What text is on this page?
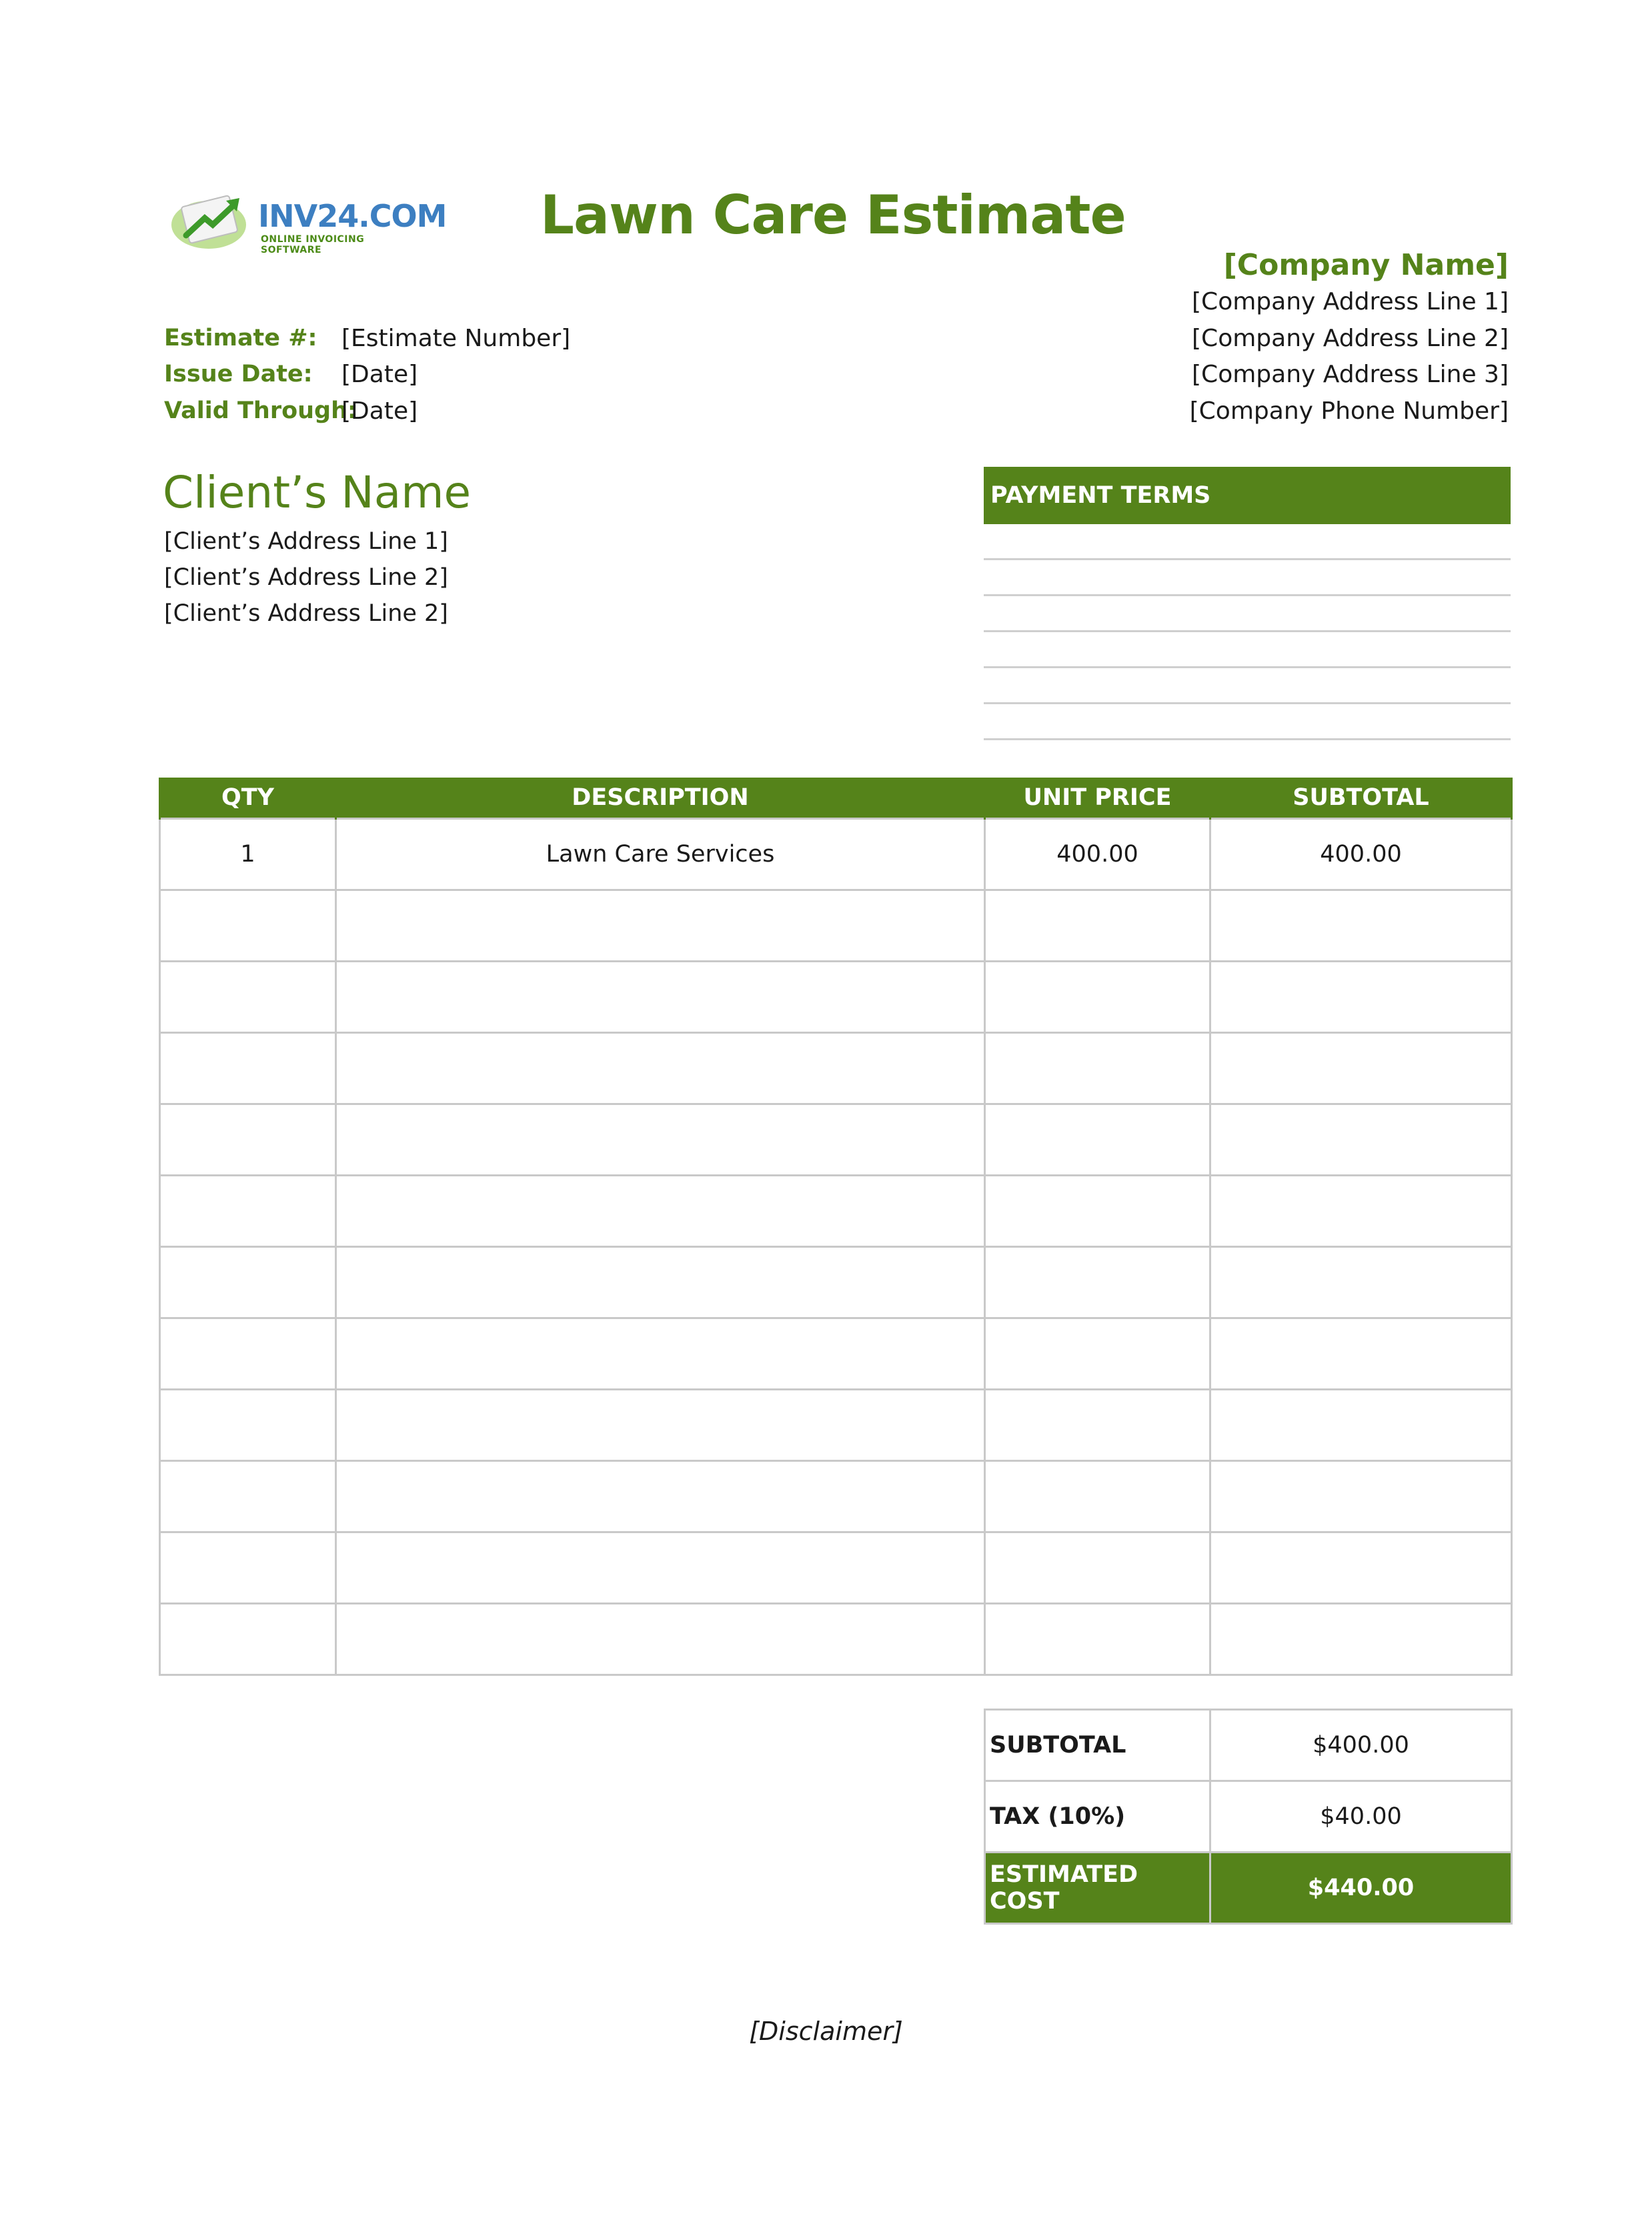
INV24.COM
ONLINE INVOICING SOFTWARE
Lawn Care Estimate
[Company Name]
[Company Address Line 1]
[Company Address Line 2]
[Company Address Line 3]
[Company Phone Number]
Estimate #: [Estimate Number]
Issue Date: [Date]
Valid Through:
[Date]
Client’s Name
[Client’s Address Line 1]
[Client’s Address Line 2]
[Client’s Address Line 2]
PAYMENT TERMS
QTY	DESCRIPTION	UNIT PRICE	SUBTOTAL
1	Lawn Care Services	400.00	400.00

SUBTOTAL	$400.00
TAX (10%)	$40.00
ESTIMATED COST	$440.00
[Disclaimer]
